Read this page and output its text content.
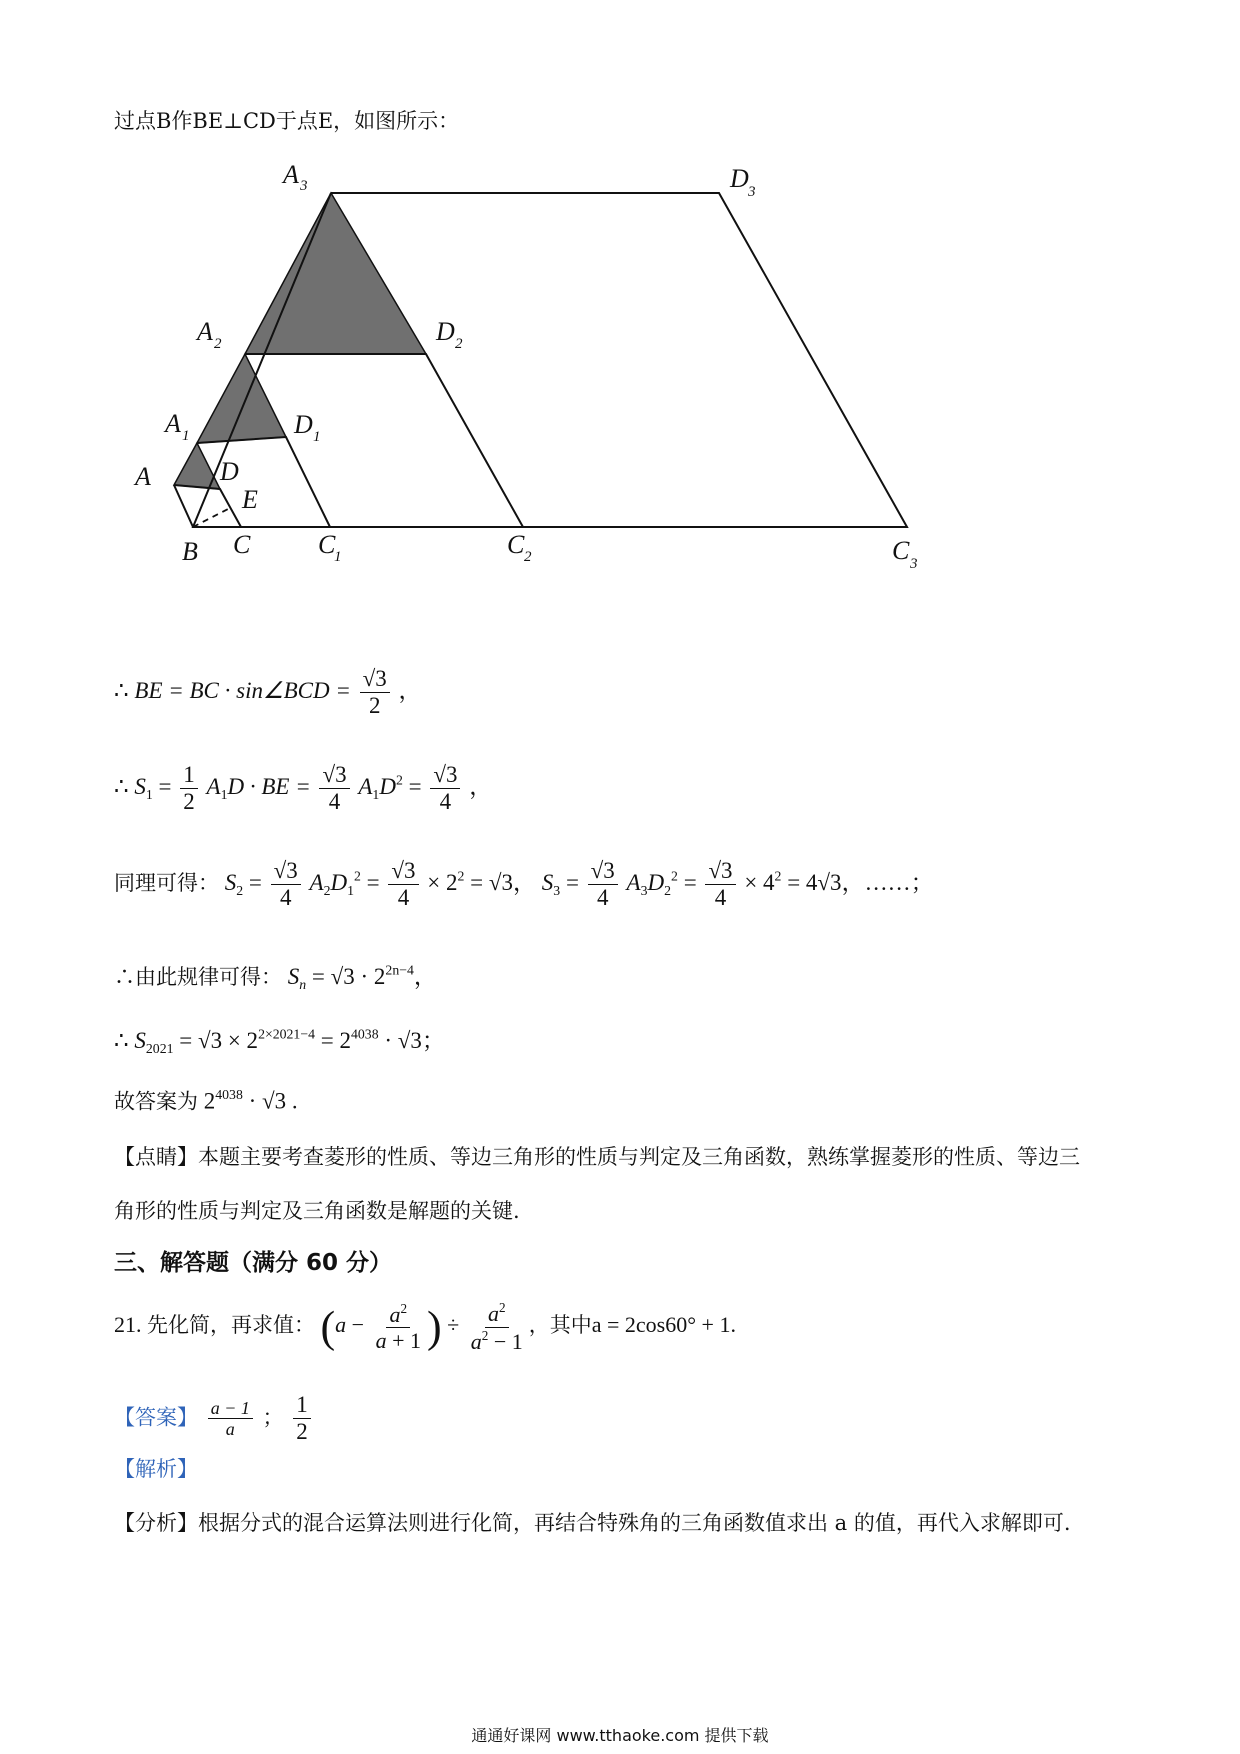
过点B作BE⊥CD于点E，如图所示：
A 3	D 3
A 2	D 2
A 1	D 1
A	D
E
B C	C
1	C 2	C 3
∴ BE = BC · sin∠BCD = $\frac{√3}{2}$ ，
∴ $S_1 = \frac{1}{2} A_1D$ · BE = $\frac{√3}{4} A_1D^2 = \frac{√3}{4}$ ，
同理可得： $S_2 = \frac{√3}{4} A_2D_1^2 = \frac{√3}{4} \times 2^2 = √3$， $S_3 = \frac{√3}{4} A_3D_2^2 = \frac{√3}{4} \times 4^2 = 4√3$，……；
∴由此规律可得： $S_n = √3 \cdot 2^{2n-4}$，
∴ $S_{2021} = √3 \times 2^{2\times 2021-4} = 2^{4038} \cdot √3$；
故答案为 $2^{4038} \cdot √3$ .
【点睛】本题主要考查菱形的性质、等边三角形的性质与判定及三角函数，熟练掌握菱形的性质、等边三
角形的性质与判定及三角函数是解题的关键.
三、解答题（满分 60 分）
21. 先化简，再求值： ($a - \frac{a^2}{a + 1}$ ) ÷ $\frac{a^2}{a^2 - 1}$ ，其中a = 2cos60° + 1.
【答案】 $\frac{a - 1}{a}$ ； $\frac{1}{2}$
【解析】
【分析】根据分式的混合运算法则进行化简，再结合特殊角的三角函数值求出 a 的值，再代入求解即可.
通通好课网 www.tthaoke.com 提供下载
